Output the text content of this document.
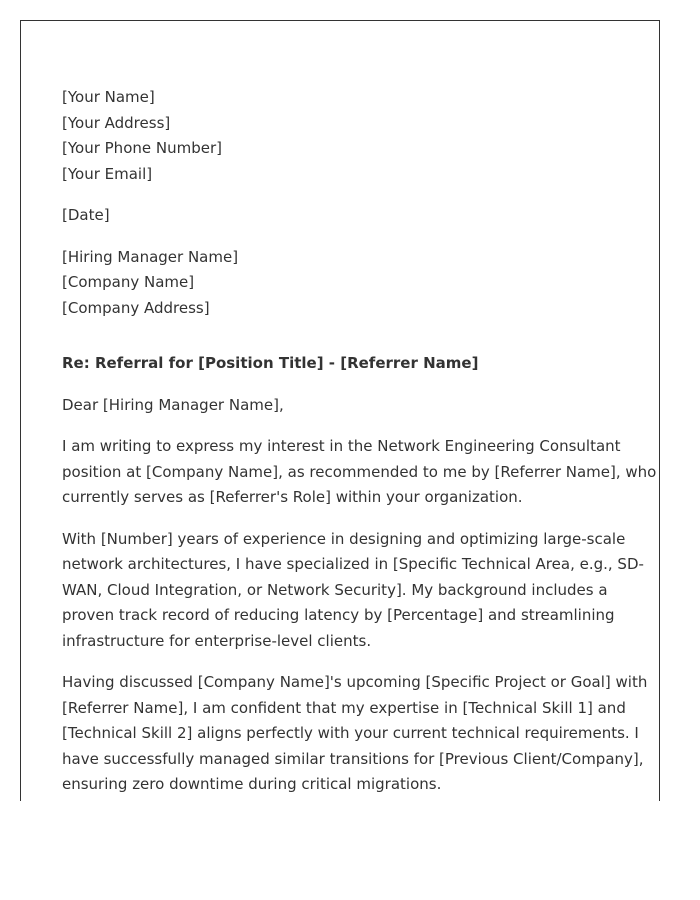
[Your Name]
[Your Address]
[Your Phone Number]
[Your Email]
[Date]
[Hiring Manager Name]
[Company Name]
[Company Address]
Re: Referral for [Position Title] - [Referrer Name]
Dear [Hiring Manager Name],
I am writing to express my interest in the Network Engineering Consultant
position at [Company Name], as recommended to me by [Referrer Name], who
currently serves as [Referrer's Role] within your organization.
With [Number] years of experience in designing and optimizing large-scale
network architectures, I have specialized in [Specific Technical Area, e.g., SD-
WAN, Cloud Integration, or Network Security]. My background includes a
proven track record of reducing latency by [Percentage] and streamlining
infrastructure for enterprise-level clients.
Having discussed [Company Name]'s upcoming [Specific Project or Goal] with
[Referrer Name], I am confident that my expertise in [Technical Skill 1] and
[Technical Skill 2] aligns perfectly with your current technical requirements. I
have successfully managed similar transitions for [Previous Client/Company],
ensuring zero downtime during critical migrations.
